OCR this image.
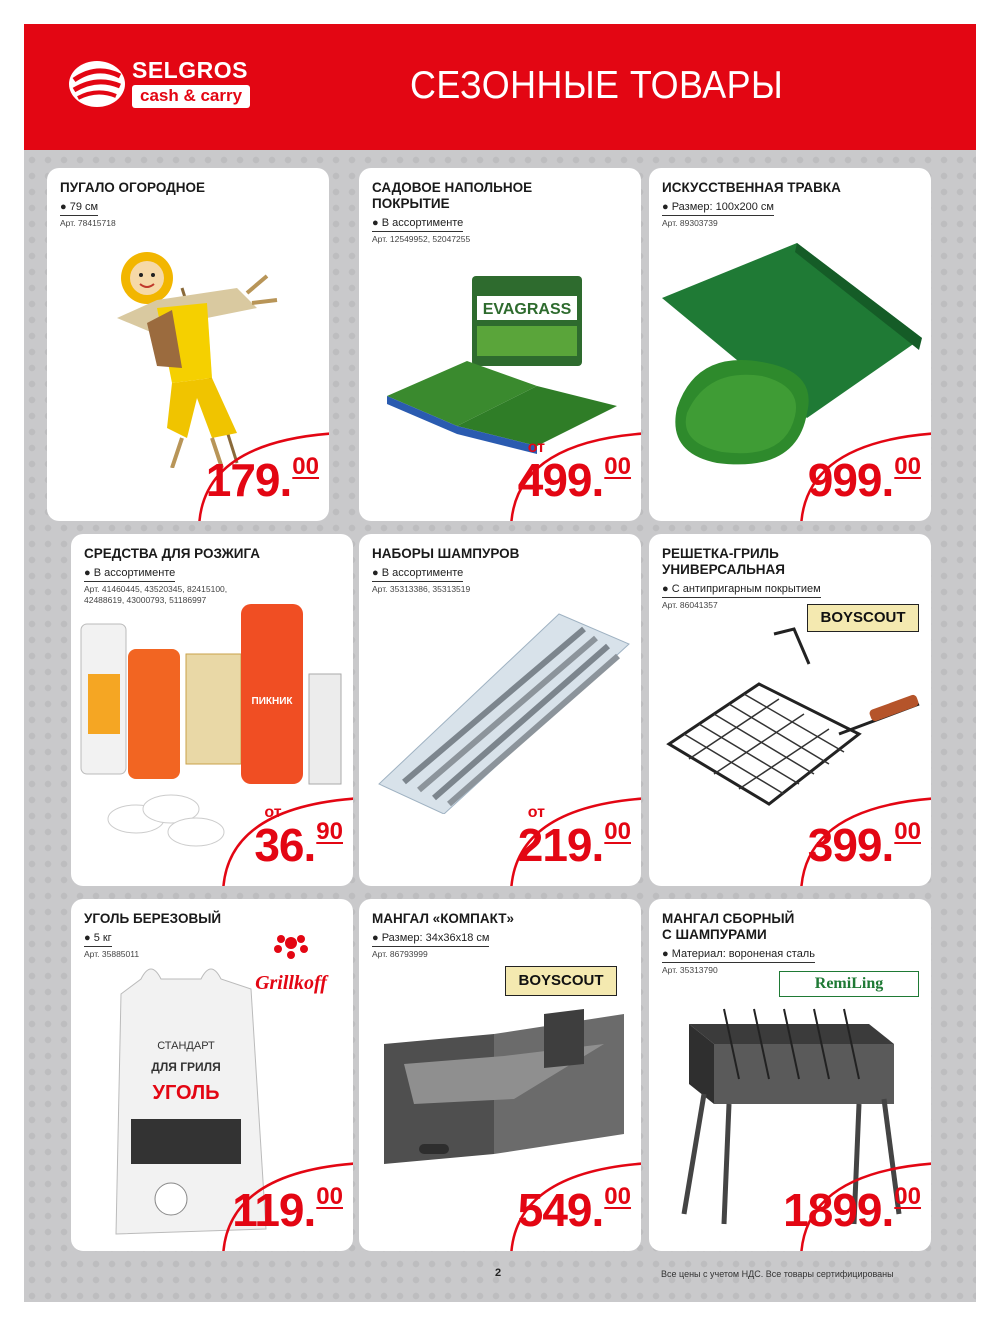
SELGROS
cash & carry	СЕЗОННЫЕ ТОВАРЫ
ПУГАЛО ОГОРОДНОЕ
● 79 см
Арт. 78415718
179.00
САДОВОЕ НАПОЛЬНОЕ
ПОКРЫТИЕ
● В ассортименте
Арт. 12549952, 52047255
EVAGRASS
от
499.00
ИСКУССТВЕННАЯ ТРАВКА
● Размер: 100х200 см
Арт. 89303739
999.00
СРЕДСТВА ДЛЯ РОЗЖИГА
● В ассортименте
Арт. 41460445, 43520345, 82415100,
42488619, 43000793, 51186997
ПИКНИК
от
36.90
НАБОРЫ ШАМПУРОВ
● В ассортименте
Арт. 35313386, 35313519
от
219.00
РЕШЕТКА-ГРИЛЬ
УНИВЕРСАЛЬНАЯ
● С антипригарным покрытием
Арт. 86041357
BOYSCOUT
399.00
УГОЛЬ БЕРЕЗОВЫЙ
● 5 кг
Арт. 35885011
Grillkoff
СТАНДАРТ
ДЛЯ ГРИЛЯ
УГОЛЬ
119.00
МАНГАЛ «КОМПАКТ»
● Размер: 34х36х18 см
Арт. 86793999
BOYSCOUT
549.00
МАНГАЛ СБОРНЫЙ
С ШАМПУРАМИ
● Материал: вороненая сталь
Арт. 35313790
RemiLing
1899.00
2	Все цены с учетом НДС. Все товары сертифицированы
